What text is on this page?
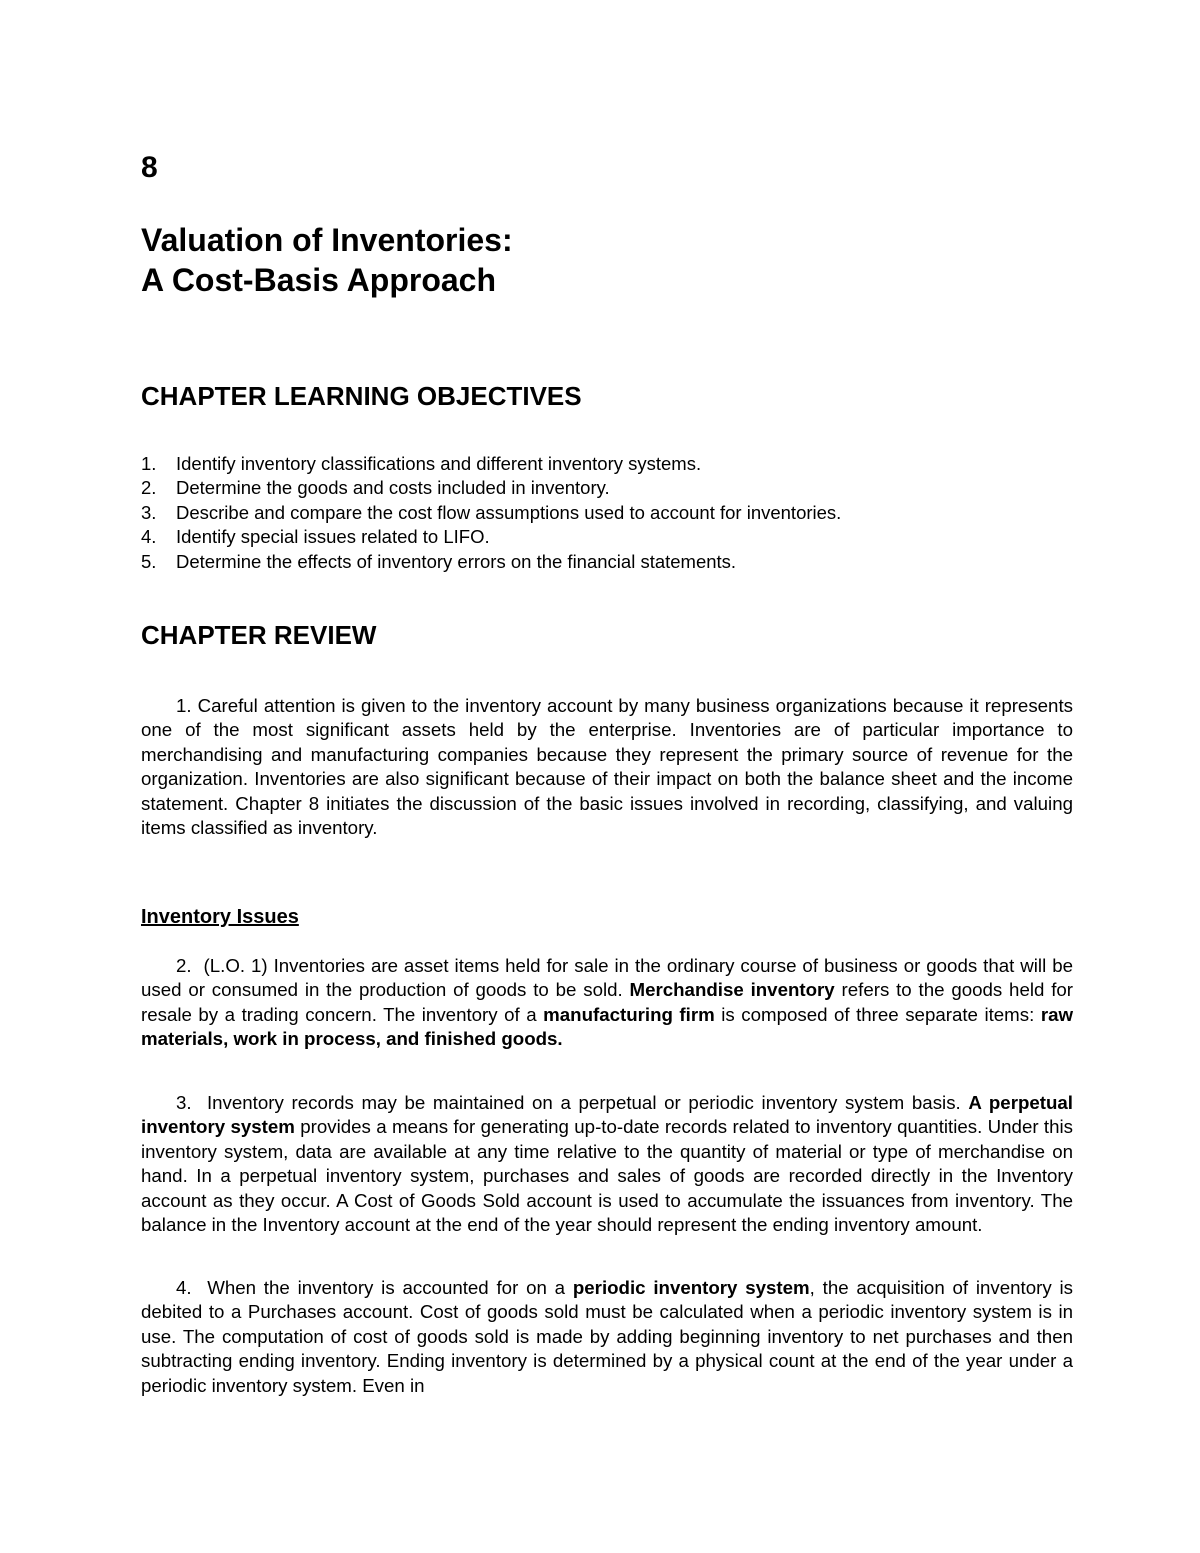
8
Valuation of Inventories:
A Cost-Basis Approach
CHAPTER LEARNING OBJECTIVES
1.	Identify inventory classifications and different inventory systems.
2.	Determine the goods and costs included in inventory.
3.	Describe and compare the cost flow assumptions used to account for inventories.
4.	Identify special issues related to LIFO.
5.	Determine the effects of inventory errors on the financial statements.
CHAPTER REVIEW

1. Careful attention is given to the inventory account by many business organizations because it represents one of the most significant assets held by the enterprise. Inventories are of particular importance to merchandising and manufacturing companies because they represent the primary source of revenue for the organization. Inventories are also significant because of their impact on both the balance sheet and the income statement. Chapter 8 initiates the discussion of the basic issues involved in recording, classifying, and valuing items classified as inventory.

Inventory Issues

2. (L.O. 1) Inventories are asset items held for sale in the ordinary course of business or goods that will be used or consumed in the production of goods to be sold. Merchandise inventory refers to the goods held for resale by a trading concern. The inventory of a manufacturing firm is composed of three separate items: raw materials, work in process, and finished goods.

3. Inventory records may be maintained on a perpetual or periodic inventory system basis. A perpetual inventory system provides a means for generating up-to-date records related to inventory quantities. Under this inventory system, data are available at any time relative to the quantity of material or type of merchandise on hand. In a perpetual inventory system, purchases and sales of goods are recorded directly in the Inventory account as they occur. A Cost of Goods Sold account is used to accumulate the issuances from inventory. The balance in the Inventory account at the end of the year should represent the ending inventory amount.

4. When the inventory is accounted for on a periodic inventory system, the acquisition of inventory is debited to a Purchases account. Cost of goods sold must be calculated when a periodic inventory system is in use. The computation of cost of goods sold is made by adding beginning inventory to net purchases and then subtracting ending inventory. Ending inventory is determined by a physical count at the end of the year under a periodic inventory system. Even in
